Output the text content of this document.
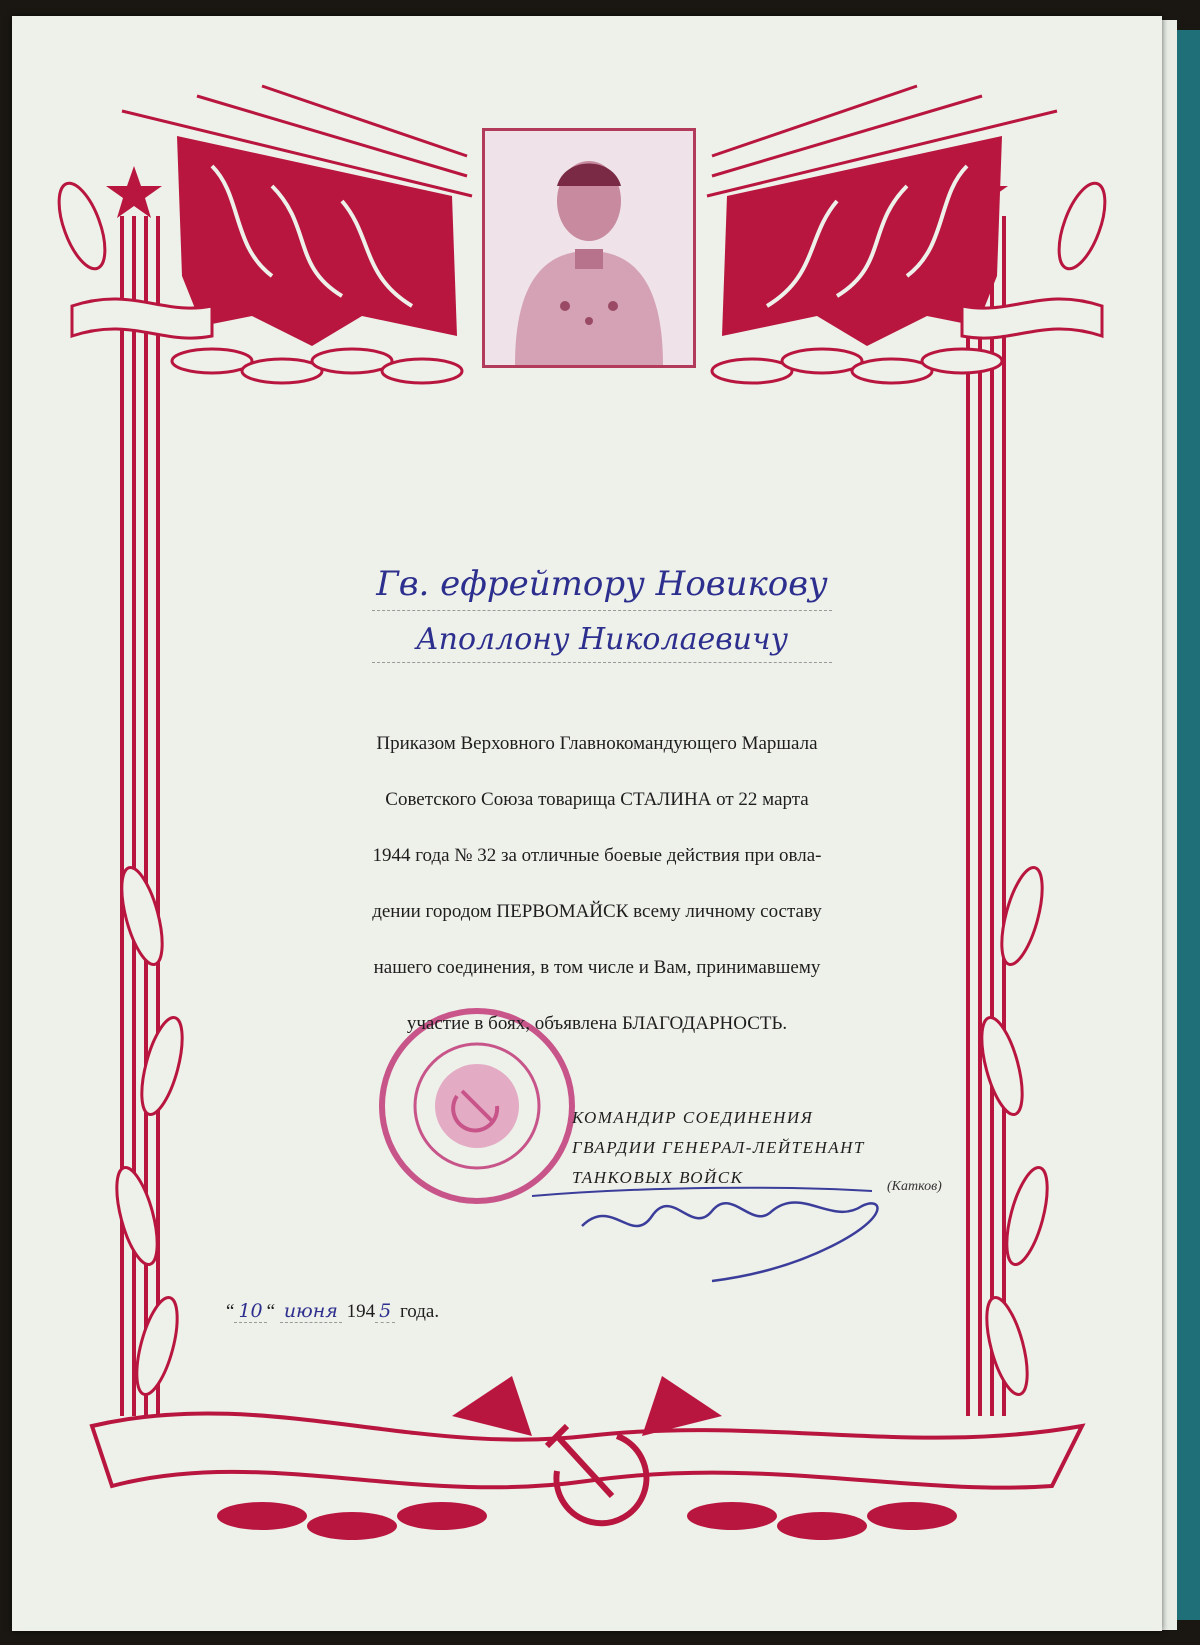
Гв. ефрейтору Новикову
Аполлону Николаевичу
Приказом Верховного Главнокомандующего Маршала
Советского Союза товарища СТАЛИНА от 22 марта
1944 года № 32 за отличные боевые действия при овла-
дении городом ПЕРВОМАЙСК всему личному составу
нашего соединения, в том числе и Вам, принимавшему
участие в боях, объявлена БЛАГОДАРНОСТЬ.
КОМАНДИР СОЕДИНЕНИЯ
ГВАРДИИ ГЕНЕРАЛ-ЛЕЙТЕНАНТ
ТАНКОВЫХ ВОЙСК	(Катков)
“ 10 “ июня 194 5 года.
